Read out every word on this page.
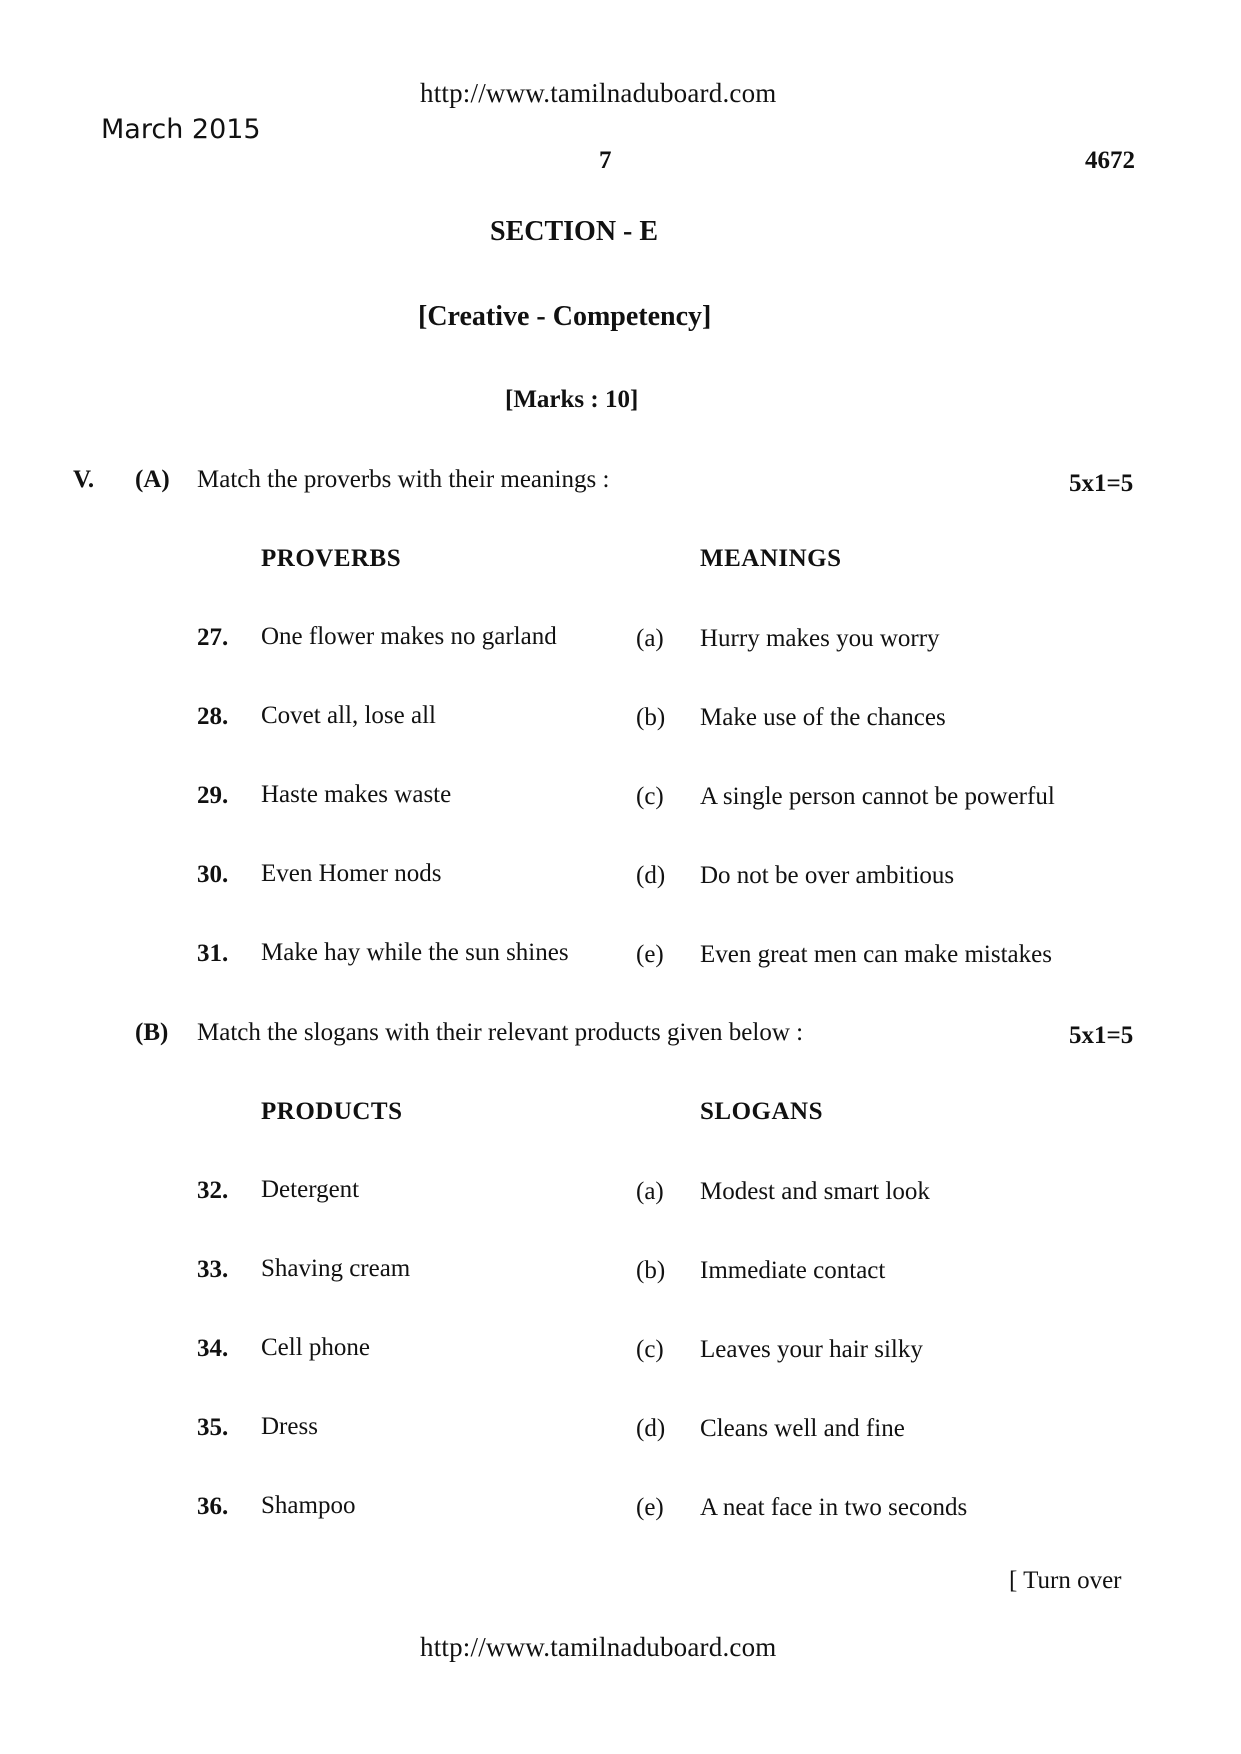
http://www.tamilnaduboard.com
March 2015
7	4672
SECTION - E
[Creative - Competency]
[Marks : 10]
V. (A) Match the proverbs with their meanings :	5x1=5
PROVERBS	MEANINGS
27. One flower makes no garland	(a) Hurry makes you worry
28. Covet all, lose all	(b) Make use of the chances
29. Haste makes waste	(c) A single person cannot be powerful
30. Even Homer nods	(d) Do not be over ambitious
31. Make hay while the sun shines	(e) Even great men can make mistakes
(B) Match the slogans with their relevant products given below :	5x1=5
PRODUCTS	SLOGANS
32. Detergent	(a) Modest and smart look
33. Shaving cream	(b) Immediate contact
34. Cell phone	(c) Leaves your hair silky
35. Dress	(d) Cleans well and fine
36. Shampoo	(e) A neat face in two seconds
[ Turn over
http://www.tamilnaduboard.com
